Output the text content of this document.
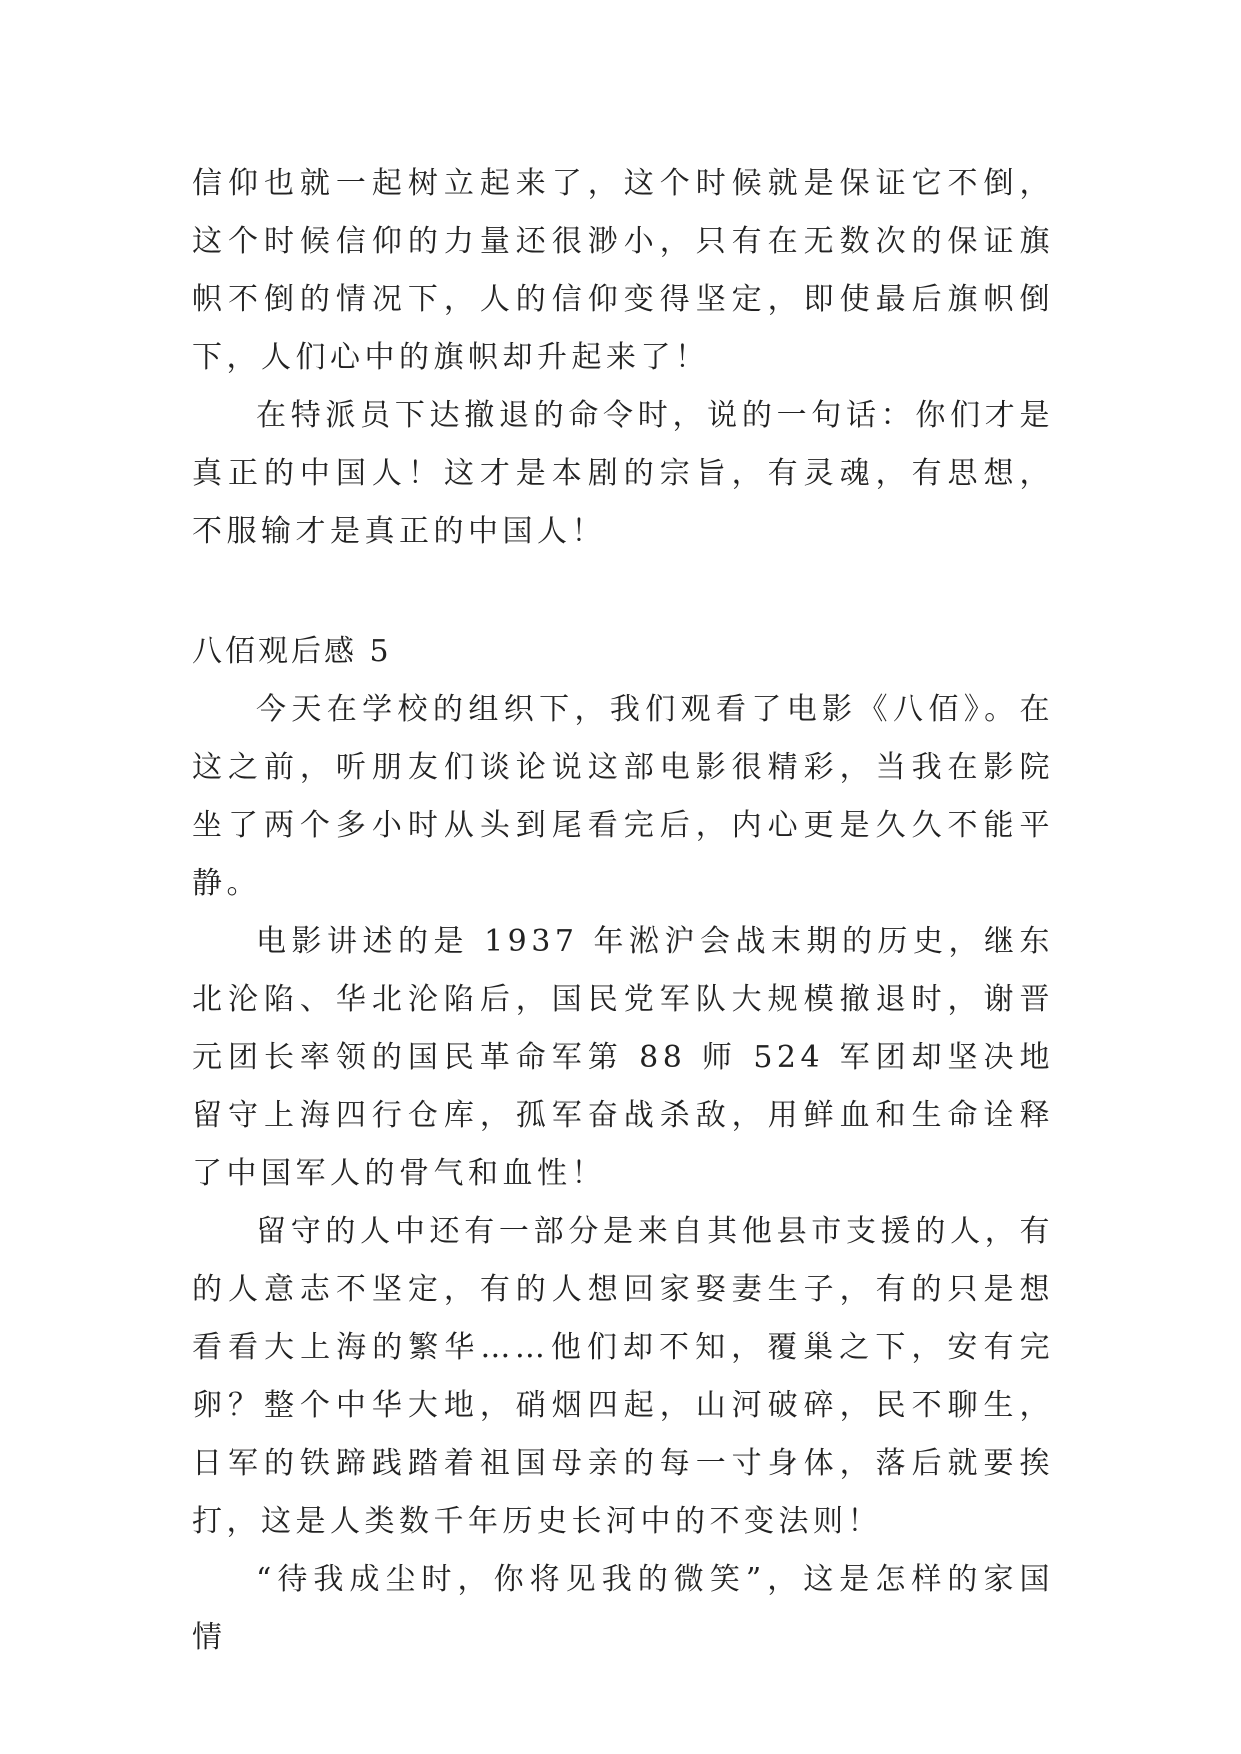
信仰也就一起树立起来了，这个时候就是保证它不倒，这个时候信仰的力量还很渺小，只有在无数次的保证旗帜不倒的情况下，人的信仰变得坚定，即使最后旗帜倒下，人们心中的旗帜却升起来了！

在特派员下达撤退的命令时，说的一句话：你们才是真正的中国人！这才是本剧的宗旨，有灵魂，有思想，不服输才是真正的中国人！

八佰观后感 5

今天在学校的组织下，我们观看了电影《八佰》。在这之前，听朋友们谈论说这部电影很精彩，当我在影院坐了两个多小时从头到尾看完后，内心更是久久不能平静。

电影讲述的是 1937 年淞沪会战末期的历史，继东北沦陷、华北沦陷后，国民党军队大规模撤退时，谢晋元团长率领的国民革命军第 88 师 524 军团却坚决地留守上海四行仓库，孤军奋战杀敌，用鲜血和生命诠释了中国军人的骨气和血性！

留守的人中还有一部分是来自其他县市支援的人，有的人意志不坚定，有的人想回家娶妻生子，有的只是想看看大上海的繁华……他们却不知，覆巢之下，安有完卵？整个中华大地，硝烟四起，山河破碎，民不聊生，日军的铁蹄践踏着祖国母亲的每一寸身体，落后就要挨打，这是人类数千年历史长河中的不变法则！

“待我成尘时，你将见我的微笑”，这是怎样的家国情
